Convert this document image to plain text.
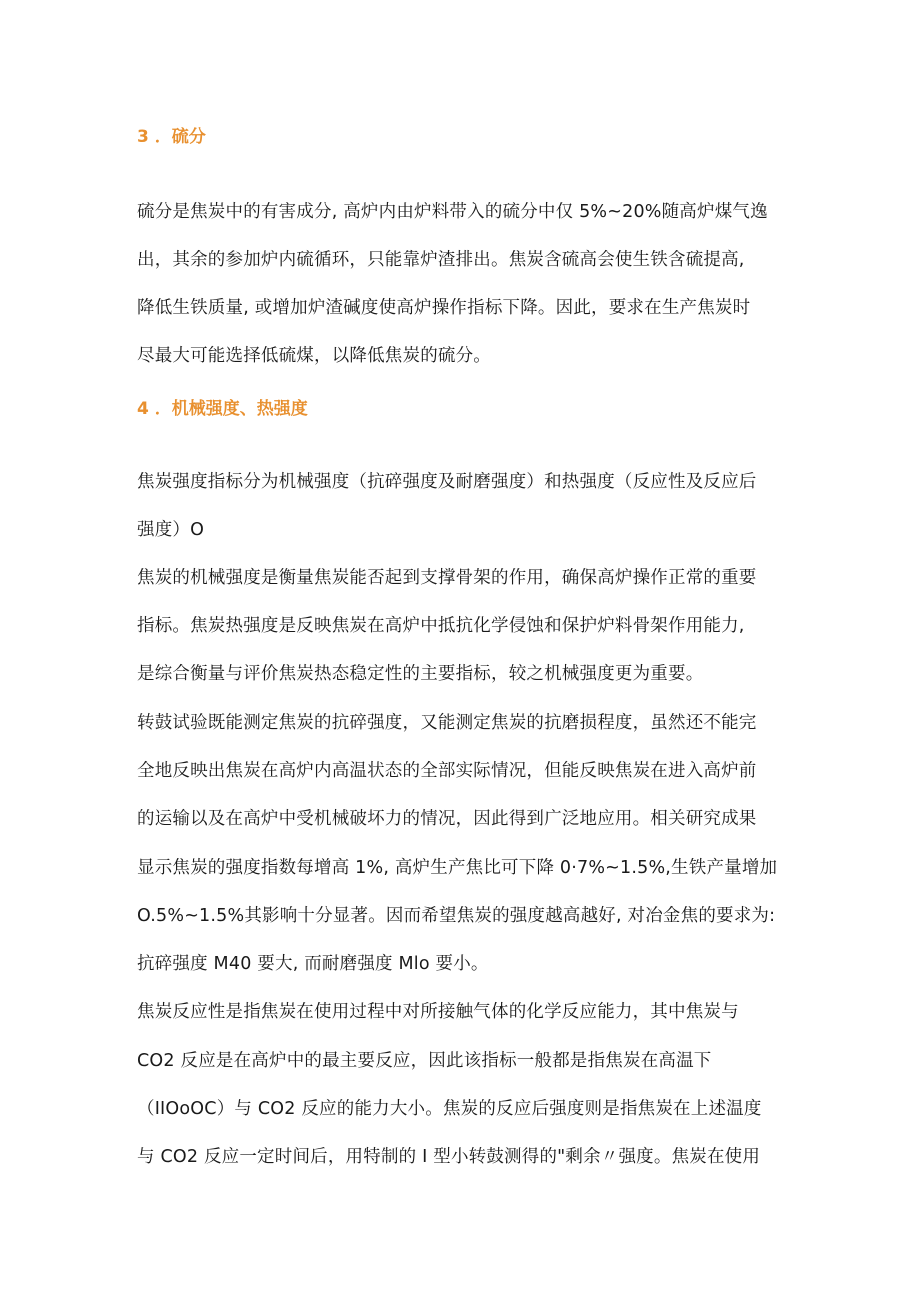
3 ．硫分

硫分是焦炭中的有害成分, 高炉内由炉料带入的硫分中仅 5%~20%随高炉煤气逸

出，其余的参加炉内硫循环，只能靠炉渣排出。焦炭含硫高会使生铁含硫提高,

降低生铁质量, 或增加炉渣碱度使高炉操作指标下降。因此，要求在生产焦炭时

尽最大可能选择低硫煤，以降低焦炭的硫分。

4 ．机械强度、热强度

焦炭强度指标分为机械强度（抗碎强度及耐磨强度）和热强度（反应性及反应后

强度）O

焦炭的机械强度是衡量焦炭能否起到支撑骨架的作用，确保高炉操作正常的重要

指标。焦炭热强度是反映焦炭在高炉中抵抗化学侵蚀和保护炉料骨架作用能力,

是综合衡量与评价焦炭热态稳定性的主要指标，较之机械强度更为重要。

转鼓试验既能测定焦炭的抗碎强度，又能测定焦炭的抗磨损程度，虽然还不能完

全地反映出焦炭在高炉内高温状态的全部实际情况，但能反映焦炭在进入高炉前

的运输以及在高炉中受机械破坏力的情况，因此得到广泛地应用。相关研究成果

显示焦炭的强度指数每增高 1%, 高炉生产焦比可下降 0·7%~1.5%,生铁产量增加

O.5%~1.5%其影响十分显著。因而希望焦炭的强度越高越好, 对冶金焦的要求为:

抗碎强度 M40 要大, 而耐磨强度 Mlo 要小。

焦炭反应性是指焦炭在使用过程中对所接触气体的化学反应能力，其中焦炭与

CO2 反应是在高炉中的最主要反应，因此该指标一般都是指焦炭在高温下

（IIOoOC）与 CO2 反应的能力大小。焦炭的反应后强度则是指焦炭在上述温度

与 CO2 反应一定时间后，用特制的 I 型小转鼓测得的"剩余〃强度。焦炭在使用
